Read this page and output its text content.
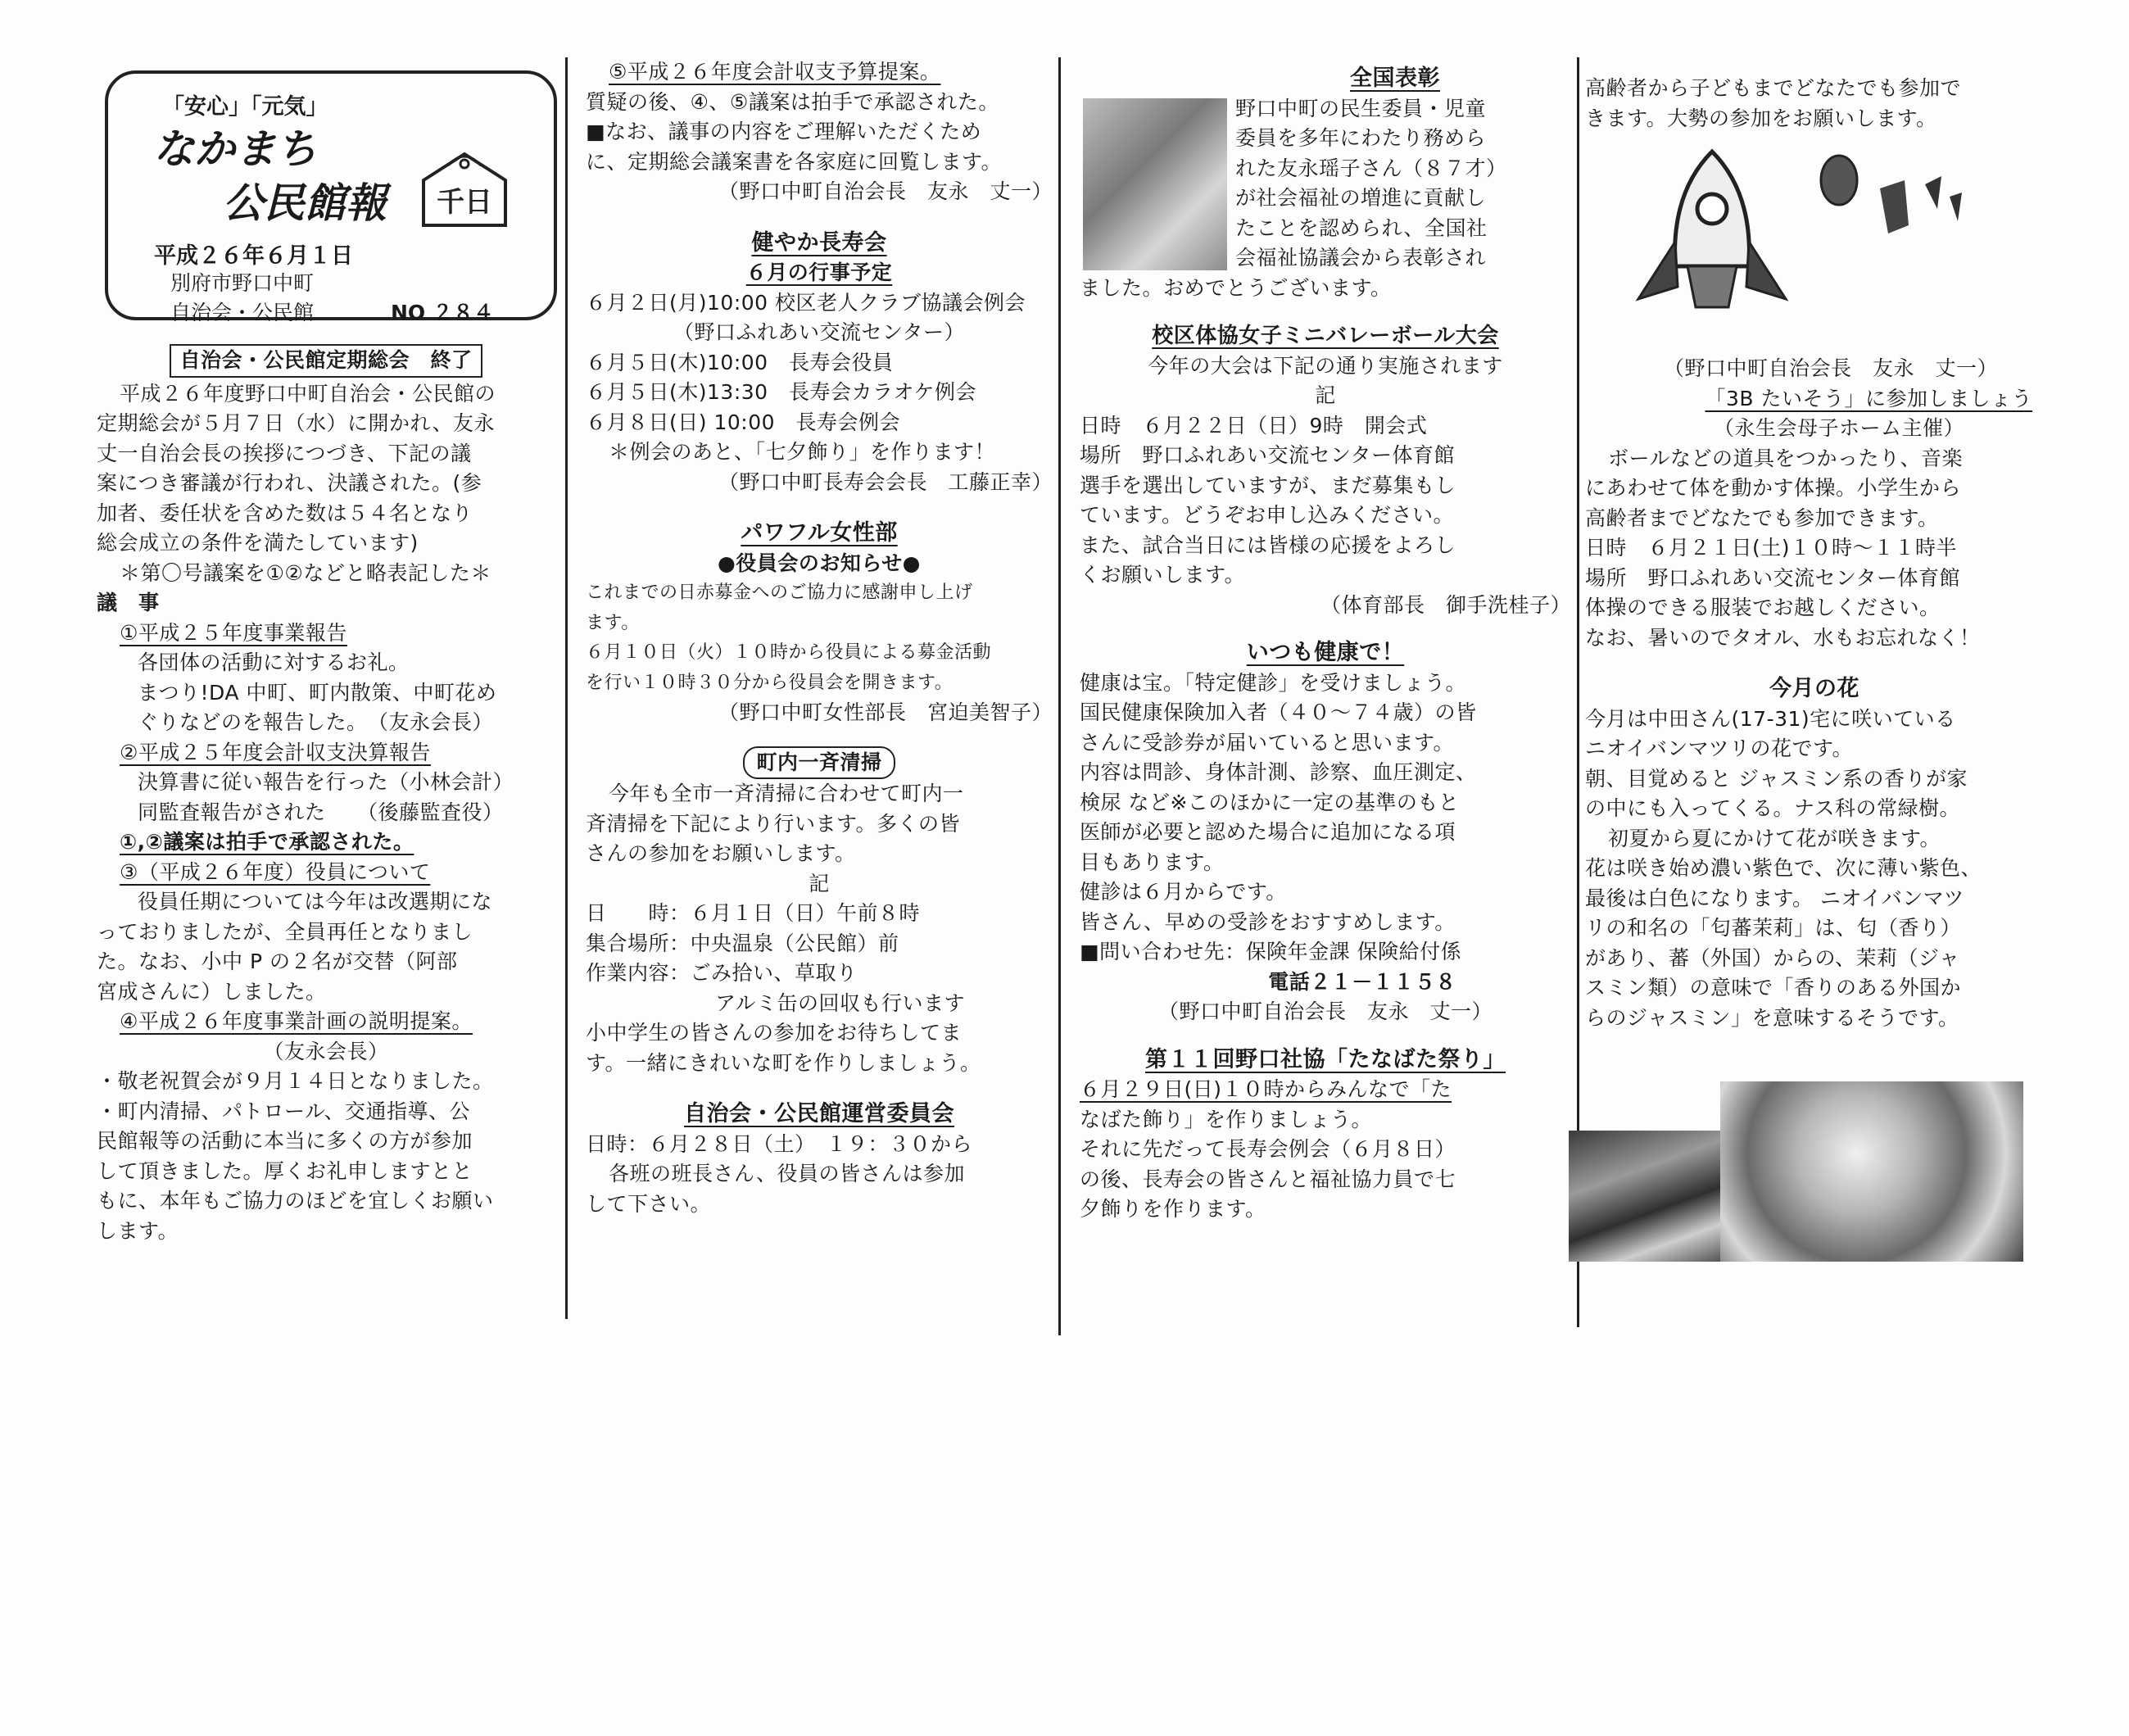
「安心」「元気」
なかまち
公民館報 千日
平成２６年６月１日
別府市野口中町
自治会・公民館	NO ２８４
自治会・公民館定期総会　終了

平成２６年度野口中町自治会・公民館の

定期総会が５月７日（水）に開かれ、友永

丈一自治会長の挨拶につづき、下記の議

案につき審議が行われ、決議された。(参

加者、委任状を含めた数は５４名となり

総会成立の条件を満たしています)

＊第〇号議案を①②などと略表記した＊

議　事

①平成２５年度事業報告

各団体の活動に対するお礼。

まつり!DA 中町、町内散策、中町花め

ぐりなどのを報告した。　（友永会長）

②平成２５年度会計収支決算報告

決算書に従い報告を行った（小林会計）

同監査報告がされた　　（後藤監査役）

①,②議案は拍手で承認された。

③（平成２６年度）役員について

役員任期については今年は改選期にな

っておりましたが、全員再任となりまし

た。なお、小中 P の２名が交替（阿部

宮成さんに）しました。

④平成２６年度事業計画の説明提案。

（友永会長）

・敬老祝賀会が９月１４日となりました。

・町内清掃、パトロール、交通指導、公

民館報等の活動に本当に多くの方が参加

して頂きました。厚くお礼申しますとと

もに、本年もご協力のほどを宜しくお願い

します。

⑤平成２６年度会計収支予算提案。

質疑の後、④、⑤議案は拍手で承認された。

■なお、議事の内容をご理解いただくため

に、定期総会議案書を各家庭に回覧します。

（野口中町自治会長　友永　丈一）

健やか長寿会

６月の行事予定

６月２日(月)10:00 校区老人クラブ協議会例会

（野口ふれあい交流センター）

６月５日(木)10:00　長寿会役員

６月５日(木)13:30　長寿会カラオケ例会

６月８日(日) 10:00　長寿会例会

＊例会のあと、「七夕飾り」を作ります！

（野口中町長寿会会長　工藤正幸）

パワフル女性部

●役員会のお知らせ●

これまでの日赤募金へのご協力に感謝申し上げ

ます。

６月１０日（火）１０時から役員による募金活動

を行い１０時３０分から役員会を開きます。

（野口中町女性部長　宮迫美智子）

町内一斉清掃

今年も全市一斉清掃に合わせて町内一

斉清掃を下記により行います。多くの皆

さんの参加をお願いします。

記

日　　時：６月１日（日）午前８時

集合場所：中央温泉（公民館）前

作業内容：ごみ拾い、草取り

アルミ缶の回収も行います

小中学生の皆さんの参加をお待ちしてま

す。一緒にきれいな町を作りしましょう。

自治会・公民館運営委員会

日時：６月２８日（土）　１９：３０から

各班の班長さん、役員の皆さんは参加

して下さい。

全国表彰

野口中町の民生委員・児童

委員を多年にわたり務めら

れた友永瑶子さん（８７才）

が社会福祉の増進に貢献し

たことを認められ、全国社

会福祉協議会から表彰され

ました。おめでとうございます。

校区体協女子ミニバレーボール大会

今年の大会は下記の通り実施されます

記

日時　６月２２日（日）9時　開会式

場所　野口ふれあい交流センター体育館

選手を選出していますが、まだ募集もし

ています。どうぞお申し込みください。

また、試合当日には皆様の応援をよろし

くお願いします。

（体育部長　御手洗桂子）

いつも健康で！

健康は宝。「特定健診」を受けましょう。

国民健康保険加入者（４０～７４歳）の皆

さんに受診券が届いていると思います。

内容は問診、身体計測、診察、血圧測定、

検尿 など※このほかに一定の基準のもと

医師が必要と認めた場合に追加になる項

目もあります。

健診は６月からです。

皆さん、早めの受診をおすすめします。

■問い合わせ先：保険年金課 保険給付係

電話２１－１１５８

（野口中町自治会長　友永　丈一）

第１１回野口社協「たなばた祭り」

６月２９日(日)１０時からみんなで「た

なばた飾り」を作りましょう。

それに先だって長寿会例会（６月８日）

の後、長寿会の皆さんと福祉協力員で七

夕飾りを作ります。

高齢者から子どもまでどなたでも参加で

きます。大勢の参加をお願いします。

（野口中町自治会長　友永　丈一）

「3B たいそう」に参加しましょう

（永生会母子ホーム主催）

ボールなどの道具をつかったり、音楽

にあわせて体を動かす体操。小学生から

高齢者までどなたでも参加できます。

日時　６月２１日(土)１０時～１１時半

場所　野口ふれあい交流センター体育館

体操のできる服装でお越しください。

なお、暑いのでタオル、水もお忘れなく！

今月の花

今月は中田さん(17-31)宅に咲いている

ニオイバンマツリの花です。

朝、目覚めると ジャスミン系の香りが家

の中にも入ってくる。ナス科の常緑樹。

初夏から夏にかけて花が咲きます。

花は咲き始め濃い紫色で、次に薄い紫色、

最後は白色になります。 ニオイバンマツ

リの和名の「匂蕃茉莉」は、匂（香り）

があり、蕃（外国）からの、茉莉（ジャ

スミン類）の意味で「香りのある外国か

らのジャスミン」を意味するそうです。
